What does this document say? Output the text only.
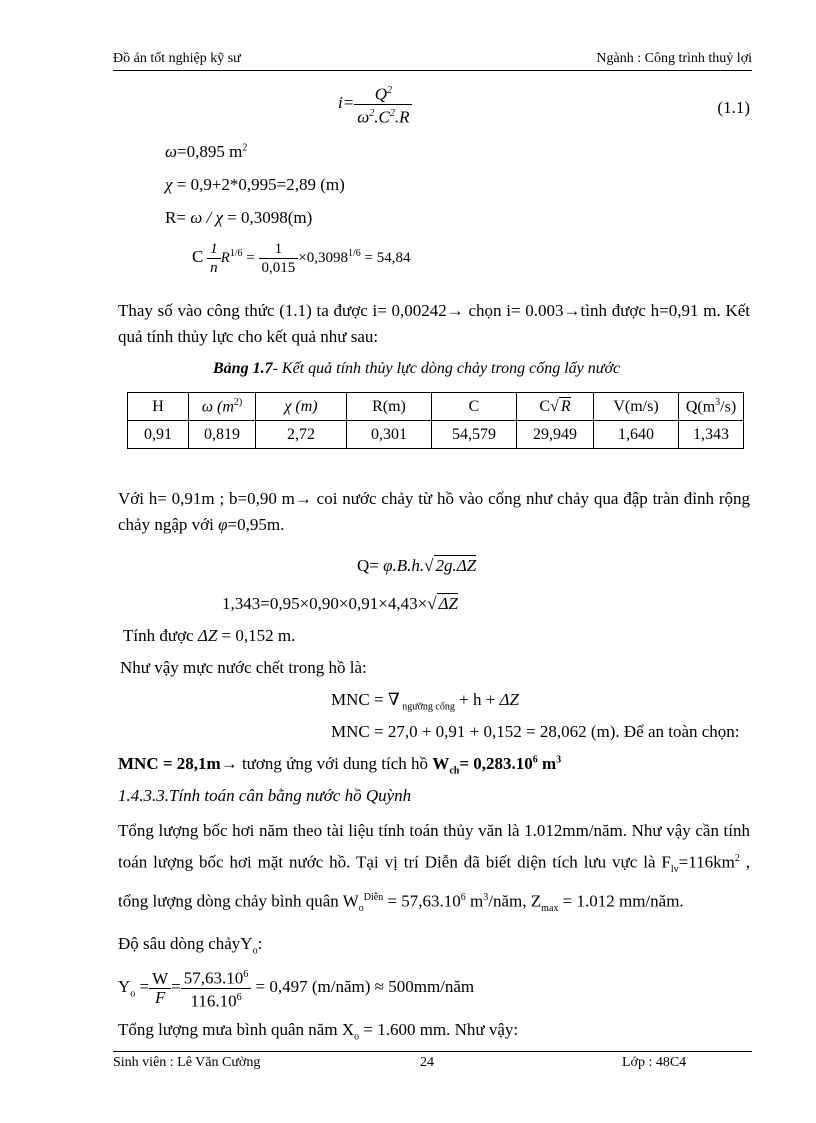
Đồ án tốt nghiệp kỹ sư	Ngành : Công trình thuỷ lợi
$i= \frac{Q^2}{\omega^2.C^2.R}$	(1.1)
ω=0,895 $m^2$
χ = 0,9+2*0,995=2,89 (m)
R= ω / χ = 0,3098(m)
C $\frac{1}{n} R^{1/6} = \frac{1}{0,015} \times 0,3098^{1/6} = 54,84$
Thay số vào công thức (1.1) ta được i= 0,00242→ chọn i= 0.003→tình được h=0,91 m. Kết quả tính thủy lực cho kết quả như sau:
Bảng 1.7- Kết quả tính thủy lực dòng chảy trong cống lấy nước
H	ω ($m^{2)}$	χ (m)	R(m)	C	C√ R	V(m/s)	$Q(m^3/s)$
0,91	0,819	2,72	0,301	54,579	29,949	1,640	1,343
Với h= 0,91m ; b=0,90 m→ coi nước chảy từ hồ vào cống như chảy qua đập tràn đỉnh rộng chảy ngập với φ=0,95m.
Q= φ.B.h.√ 2g.ΔZ
1,343=0,95×0,90×0,91×4,43×√ ΔZ
Tính được ΔZ = 0,152 m.
Như vậy mực nước chết trong hồ là:
MNC = ∇ $_{ngưỡng cống}$ + h + ΔZ
MNC = 27,0 + 0,91 + 0,152 = 28,062 (m). Để an toàn chọn:
MNC = 28,1m→ tương ứng với dung tích hồ $W_{ch}= 0,283.10^6$ $m^3$
1.4.3.3.Tính toán cân bằng nước hồ Quỳnh
Tổng lượng bốc hơi năm theo tài liệu tính toán thủy văn là 1.012mm/năm. Như vậy cần tính toán lượng bốc hơi mặt nước hồ. Tại vị trí Diễn đã biết diện tích lưu vực là $F_{lv}=116km^2$ , tổng lượng dòng chảy bình quân $W_o^{Diễn} = 57,63.10^6$ $m^3$/năm, $Z_{max} = 1.012$ mm/năm.
Độ sâu dòng chảyY$_o$:
$Y_o = \frac{W}{F} = \frac{57,63.10^6}{116.10^6} = 0,497$ (m/năm) ≈ 500mm/năm
Tổng lượng mưa bình quân năm $X_o = 1.600$ mm. Như vậy:
Sinh viên : Lê Văn Cường	24	Lớp : 48C4
